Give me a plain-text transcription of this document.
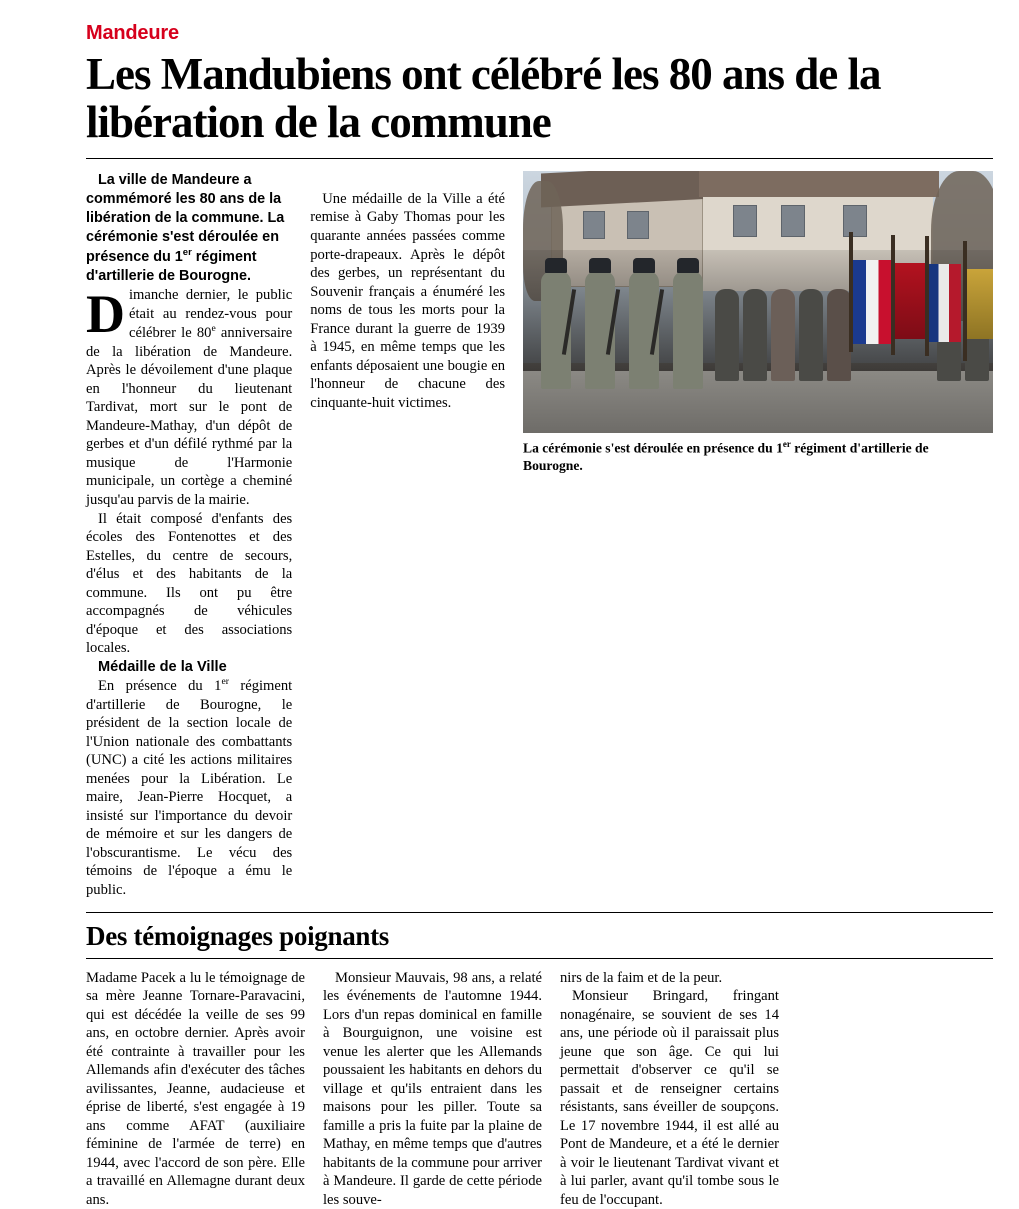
Mandeure
Les Mandubiens ont célébré les 80 ans de la libération de la commune

La ville de Mandeure a commémoré les 80 ans de la libération de la commune. La cérémonie s'est déroulée en présence du 1er régiment d'artillerie de Bourogne.

Dimanche dernier, le public était au rendez-vous pour célébrer le 80e anniversaire de la libération de Mandeure. Après le dévoilement d'une plaque en l'honneur du lieutenant Tardivat, mort sur le pont de Mandeure-Mathay, d'un dépôt de gerbes et d'un défilé rythmé par la musique de l'Harmonie municipale, un cortège a cheminé jusqu'au parvis de la mairie.

Il était composé d'enfants des écoles des Fontenottes et des Estelles, du centre de secours, d'élus et des habitants de la commune. Ils ont pu être accompagnés de véhicules d'époque et des associations locales.

Médaille de la Ville

En présence du 1er régiment d'artillerie de Bourogne, le président de la section locale de l'Union nationale des combattants (UNC) a cité les actions militaires menées pour la Libération. Le maire, Jean-Pierre Hocquet, a insisté sur l'importance du devoir de mémoire et sur les dangers de l'obscurantisme. Le vécu des témoins de l'époque a ému le public.

Une médaille de la Ville a été remise à Gaby Thomas pour les quarante années passées comme porte-drapeaux. Après le dépôt des gerbes, un représentant du Souvenir français a énuméré les noms de tous les morts pour la France durant la guerre de 1939 à 1945, en même temps que les enfants déposaient une bougie en l'honneur de chacune des cinquante-huit victimes.

La cérémonie s'est déroulée en présence du 1er régiment d'artillerie de Bourogne.
Des témoignages poignants

Madame Pacek a lu le témoignage de sa mère Jeanne Tornare-Paravacini, qui est décédée la veille de ses 99 ans, en octobre dernier. Après avoir été contrainte à travailler pour les Allemands afin d'exécuter des tâches avilissantes, Jeanne, audacieuse et éprise de liberté, s'est engagée à 19 ans comme AFAT (auxiliaire féminine de l'armée de terre) en 1944, avec l'accord de son père. Elle a travaillé en Allemagne durant deux ans.

Monsieur Mauvais, 98 ans, a relaté les événements de l'automne 1944. Lors d'un repas dominical en famille à Bourguignon, une voisine est venue les alerter que les Allemands poussaient les habitants en dehors du village et qu'ils entraient dans les maisons pour les piller. Toute sa famille a pris la fuite par la plaine de Mathay, en même temps que d'autres habitants de la commune pour arriver à Mandeure. Il garde de cette période les souve-

nirs de la faim et de la peur.

Monsieur Bringard, fringant nonagénaire, se souvient de ses 14 ans, une période où il paraissait plus jeune que son âge. Ce qui lui permettait d'observer ce qu'il se passait et de renseigner certains résistants, sans éveiller de soupçons. Le 17 novembre 1944, il est allé au Pont de Mandeure, et a été le dernier à voir le lieutenant Tardivat vivant et à lui parler, avant qu'il tombe sous le feu de l'occupant.
